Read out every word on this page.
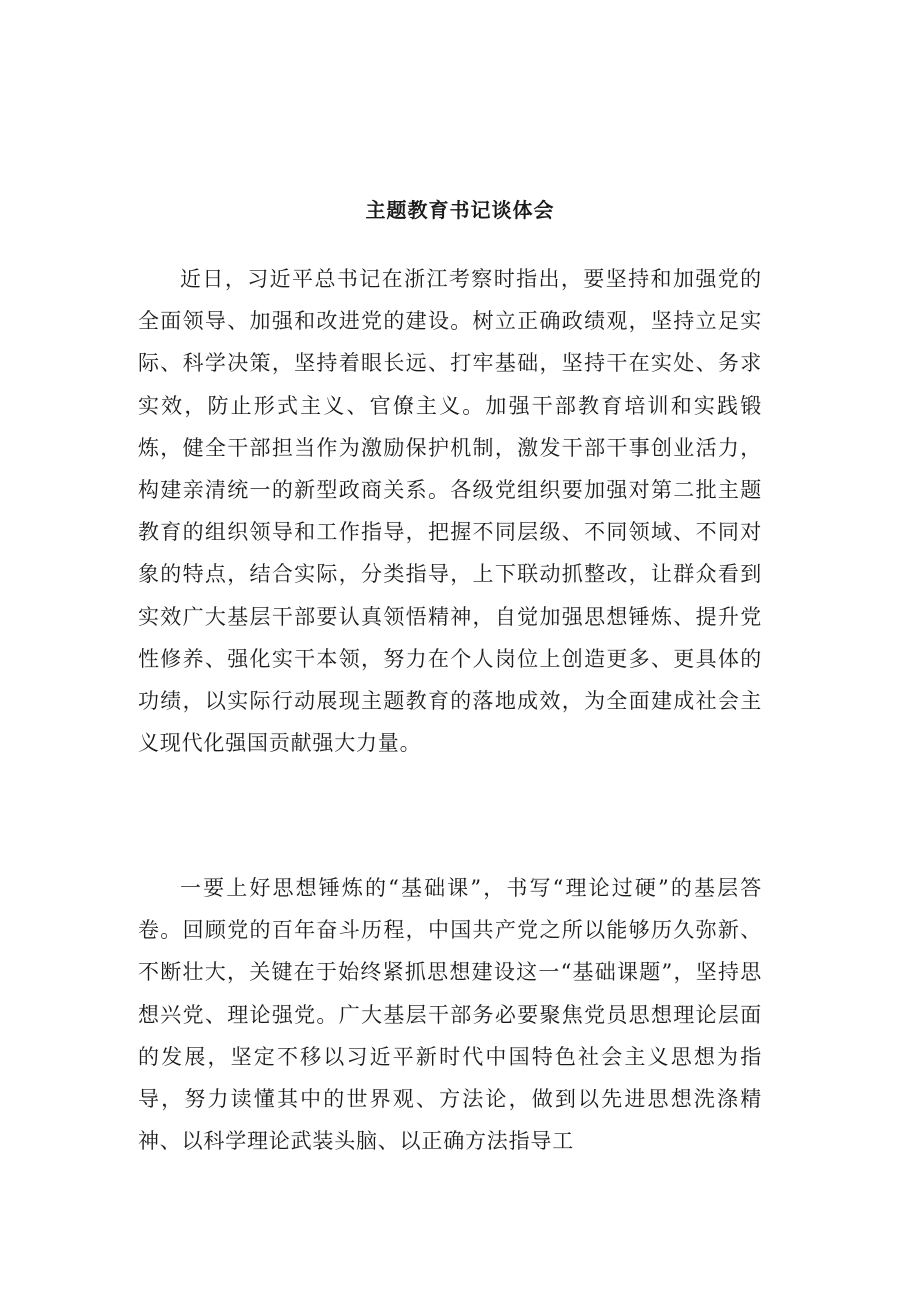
主题教育书记谈体会

近日，习近平总书记在浙江考察时指出，要坚持和加强党的全面领导、加强和改进党的建设。树立正确政绩观，坚持立足实际、科学决策，坚持着眼长远、打牢基础，坚持干在实处、务求实效，防止形式主义、官僚主义。加强干部教育培训和实践锻炼，健全干部担当作为激励保护机制，激发干部干事创业活力，构建亲清统一的新型政商关系。各级党组织要加强对第二批主题教育的组织领导和工作指导，把握不同层级、不同领域、不同对象的特点，结合实际，分类指导，上下联动抓整改，让群众看到实效广大基层干部要认真领悟精神，自觉加强思想锤炼、提升党性修养、强化实干本领，努力在个人岗位上创造更多、更具体的功绩，以实际行动展现主题教育的落地成效，为全面建成社会主义现代化强国贡献强大力量。

一要上好思想锤炼的“基础课”，书写“理论过硬”的基层答卷。回顾党的百年奋斗历程，中国共产党之所以能够历久弥新、不断壮大，关键在于始终紧抓思想建设这一“基础课题”，坚持思想兴党、理论强党。广大基层干部务必要聚焦党员思想理论层面的发展，坚定不移以习近平新时代中国特色社会主义思想为指导，努力读懂其中的世界观、方法论，做到以先进思想洗涤精神、以科学理论武装头脑、以正确方法指导工
